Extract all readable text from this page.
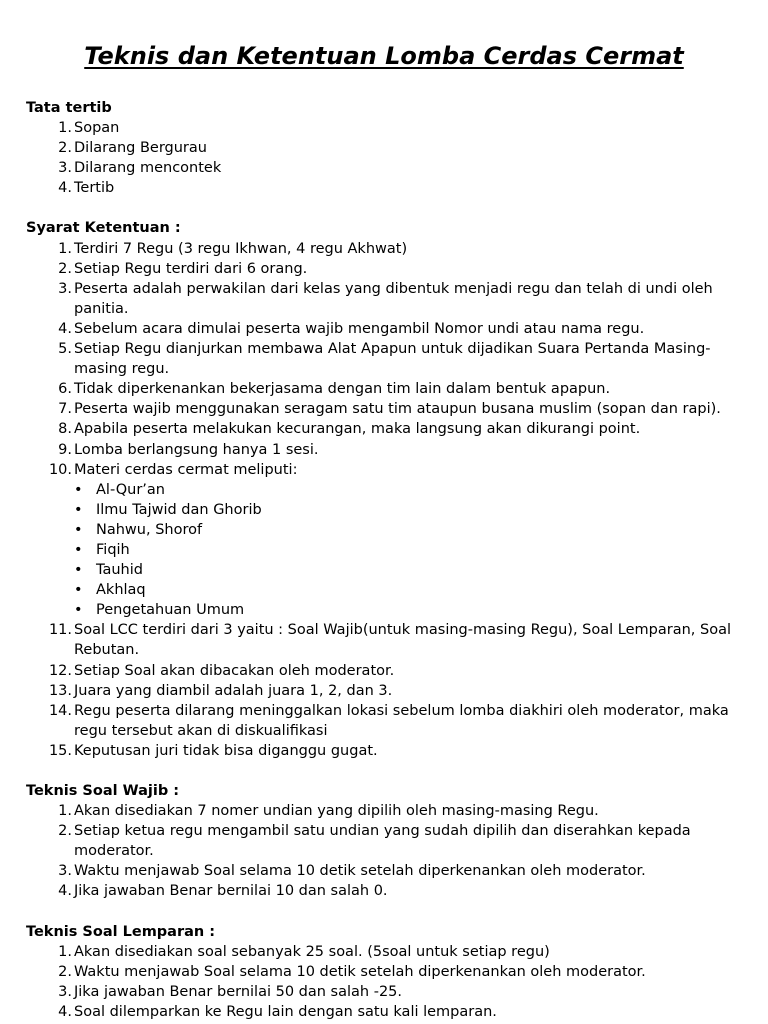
Teknis dan Ketentuan Lomba Cerdas Cermat
Tata tertib
1. Sopan
2. Dilarang Bergurau
3. Dilarang mencontek
4. Tertib
Syarat Ketentuan :
1. Terdiri 7 Regu (3 regu Ikhwan, 4 regu Akhwat)
2. Setiap Regu terdiri dari 6 orang.
3. Peserta adalah perwakilan dari kelas yang dibentuk menjadi regu dan telah di undi oleh panitia.
4. Sebelum acara dimulai peserta wajib mengambil Nomor undi atau nama regu.
5. Setiap Regu dianjurkan membawa Alat Apapun untuk dijadikan Suara Pertanda Masing-masing regu.
6. Tidak diperkenankan bekerjasama dengan tim lain dalam bentuk apapun.
7. Peserta wajib menggunakan seragam satu tim ataupun busana muslim (sopan dan rapi).
8. Apabila peserta melakukan kecurangan, maka langsung akan dikurangi point.
9. Lomba berlangsung hanya 1 sesi.
10. Materi cerdas cermat meliputi:
• Al-Qur’an
• Ilmu Tajwid dan Ghorib
• Nahwu, Shorof
• Fiqih
• Tauhid
• Akhlaq
• Pengetahuan Umum
11. Soal LCC terdiri dari 3 yaitu : Soal Wajib(untuk masing-masing Regu), Soal Lemparan, Soal Rebutan.
12. Setiap Soal akan dibacakan oleh moderator.
13. Juara yang diambil adalah juara 1, 2, dan 3.
14. Regu peserta dilarang meninggalkan lokasi sebelum lomba diakhiri oleh moderator, maka regu tersebut akan di diskualifikasi
15. Keputusan juri tidak bisa diganggu gugat.
Teknis Soal Wajib :
1. Akan disediakan 7 nomer undian yang dipilih oleh masing-masing Regu.
2. Setiap ketua regu mengambil satu undian yang sudah dipilih dan diserahkan kepada moderator.
3. Waktu menjawab Soal selama 10 detik setelah diperkenankan oleh moderator.
4. Jika jawaban Benar bernilai 10 dan salah 0.
Teknis Soal Lemparan :
1. Akan disediakan soal sebanyak 25 soal. (5soal untuk setiap regu)
2. Waktu menjawab Soal selama 10 detik setelah diperkenankan oleh moderator.
3. Jika jawaban Benar bernilai 50 dan salah -25.
4. Soal dilemparkan ke Regu lain dengan satu kali lemparan.
